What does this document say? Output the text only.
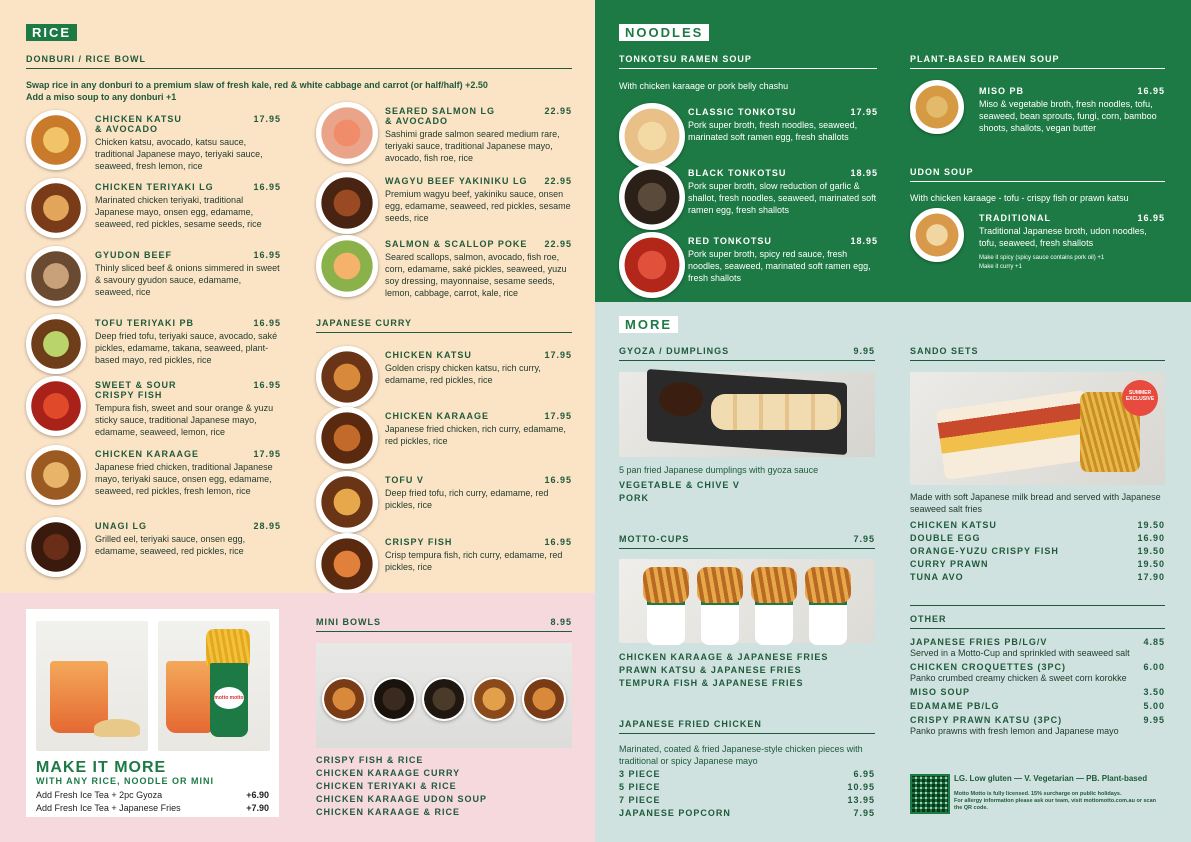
RICE
DONBURI / RICE BOWL
Swap rice in any donburi to a premium slaw of fresh kale, red & white cabbage and carrot (or half/half) +2.50
Add a miso soup to any donburi +1
CHICKEN KATSU
& AVOCADO
17.95
Chicken katsu, avocado, katsu sauce, traditional Japanese mayo, teriyaki sauce, seaweed, fresh lemon, rice
CHICKEN TERIYAKI LG	16.95
Marinated chicken teriyaki, traditional Japanese mayo, onsen egg, edamame, seaweed, red pickles, sesame seeds, rice
GYUDON BEEF	16.95
Thinly sliced beef & onions simmered in sweet & savoury gyudon sauce, edamame, seaweed, rice
TOFU TERIYAKI PB	16.95
Deep fried tofu, teriyaki sauce, avocado, saké pickles, edamame, takana, seaweed, plant-based mayo, red pickles, rice
SWEET & SOUR
CRISPY FISH
16.95
Tempura fish, sweet and sour orange & yuzu sticky sauce, traditional Japanese mayo, edamame, seaweed, lemon, rice
CHICKEN KARAAGE	17.95
Japanese fried chicken, traditional Japanese mayo, teriyaki sauce, onsen egg, edamame, seaweed, red pickles, fresh lemon, rice
UNAGI LG	28.95
Grilled eel, teriyaki sauce, onsen egg, edamame, seaweed, red pickles, rice
SEARED SALMON LG
& AVOCADO
22.95
Sashimi grade salmon seared medium rare, teriyaki sauce, traditional Japanese mayo, avocado, fish roe, rice
WAGYU BEEF YAKINIKU LG 22.95
Premium wagyu beef, yakiniku sauce, onsen egg, edamame, seaweed, red pickles, sesame seeds, rice
SALMON & SCALLOP POKE 22.95
Seared scallops, salmon, avocado, fish roe, corn, edamame, saké pickles, seaweed, yuzu soy dressing, mayonnaise, sesame seeds, lemon, cabbage, carrot, kale, rice
JAPANESE CURRY
CHICKEN KATSU	17.95
Golden crispy chicken katsu, rich curry, edamame, red pickles, rice
CHICKEN KARAAGE	17.95
Japanese fried chicken, rich curry, edamame, red pickles, rice
TOFU V	16.95
Deep fried tofu, rich curry, edamame, red pickles, rice
CRISPY FISH	16.95
Crisp tempura fish, rich curry, edamame, red pickles, rice
motto motto
MAKE IT MORE
WITH ANY RICE, NOODLE OR MINI
Add Fresh Ice Tea + 2pc Gyoza	+6.90
Add Fresh Ice Tea + Japanese Fries	+7.90
MINI BOWLS	8.95
CRISPY FISH & RICE
CHICKEN KARAAGE CURRY
CHICKEN TERIYAKI & RICE
CHICKEN KARAAGE UDON SOUP
CHICKEN KARAAGE & RICE
NOODLES
TONKOTSU RAMEN SOUP
With chicken karaage or pork belly chashu
CLASSIC TONKOTSU	17.95
Pork super broth, fresh noodles, seaweed, marinated soft ramen egg, fresh shallots
BLACK TONKOTSU	18.95
Pork super broth, slow reduction of garlic & shallot, fresh noodles, seaweed, marinated soft ramen egg, fresh shallots
RED TONKOTSU	18.95
Pork super broth, spicy red sauce, fresh noodles, seaweed, marinated soft ramen egg, fresh shallots
PLANT-BASED RAMEN SOUP
MISO PB	16.95
Miso & vegetable broth, fresh noodles, tofu, seaweed, bean sprouts, fungi, corn, bamboo shoots, shallots, vegan butter
UDON SOUP
With chicken karaage - tofu - crispy fish or prawn katsu
TRADITIONAL	16.95
Traditional Japanese broth, udon noodles, tofu, seaweed, fresh shallots
Make it spicy (spicy sauce contains pork oil) +1
Make it curry +1
MORE
GYOZA / DUMPLINGS	9.95
5 pan fried Japanese dumplings with gyoza sauce
VEGETABLE & CHIVE V
PORK
MOTTO-CUPS	7.95
CHICKEN KARAAGE & JAPANESE FRIES
PRAWN KATSU & JAPANESE FRIES
TEMPURA FISH & JAPANESE FRIES
JAPANESE FRIED CHICKEN
Marinated, coated & fried Japanese-style chicken pieces with traditional or spicy Japanese mayo
3 PIECE	6.95
5 PIECE	10.95
7 PIECE	13.95
JAPANESE POPCORN	7.95
SANDO SETS
SUMMER
EXCLUSIVE
Made with soft Japanese milk bread and served with Japanese seaweed salt fries
CHICKEN KATSU	19.50
DOUBLE EGG	16.90
ORANGE-YUZU CRISPY FISH	19.50
CURRY PRAWN	19.50
TUNA AVO	17.90
OTHER
JAPANESE FRIES PB/LG/V	4.85
Served in a Motto-Cup and sprinkled with seaweed salt
CHICKEN CROQUETTES (3PC)	6.00
Panko crumbed creamy chicken & sweet corn korokke
MISO SOUP	3.50
EDAMAME PB/LG	5.00
CRISPY PRAWN KATSU (3PC)	9.95
Panko prawns with fresh lemon and Japanese mayo
LG. Low gluten — V. Vegetarian — PB. Plant-based
Motto Motto is fully licensed. 15% surcharge on public holidays.
For allergy information please ask our team, visit mottomotto.com.au or scan the QR code.
